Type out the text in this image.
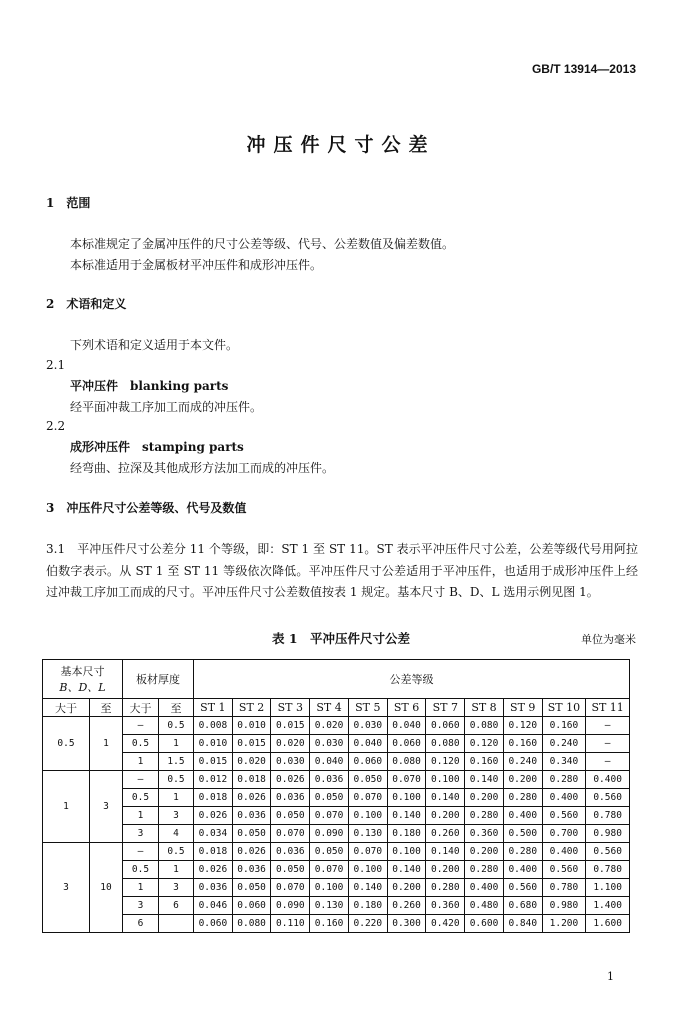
GB/T 13914—2013
冲压件尺寸公差
1  范围
本标准规定了金属冲压件的尺寸公差等级、代号、公差数值及偏差数值。
本标准适用于金属板材平冲压件和成形冲压件。
2  术语和定义
下列术语和定义适用于本文件。
2.1
平冲压件  blanking parts
经平面冲裁工序加工而成的冲压件。
2.2
成形冲压件  stamping parts
经弯曲、拉深及其他成形方法加工而成的冲压件。
3  冲压件尺寸公差等级、代号及数值
3.1　平冲压件尺寸公差分 11 个等级，即：ST 1 至 ST 11。ST 表示平冲压件尺寸公差，公差等级代号用阿拉伯数字表示。从 ST 1 至 ST 11 等级依次降低。平冲压件尺寸公差适用于平冲压件，也适用于成形冲压件上经过冲裁工序加工而成的尺寸。平冲压件尺寸公差数值按表 1 规定。基本尺寸 B、D、L 选用示例见图 1。
表 1　平冲压件尺寸公差	单位为毫米
基本尺寸
B、D、L		板材厚度		公差等级										
大于	至	大于	至	ST 1	ST 2	ST 3	ST 4	ST 5	ST 6	ST 7	ST 8	ST 9	ST 10	ST 11
0.5	1	—	0.5	0.008	0.010	0.015	0.020	0.030	0.040	0.060	0.080	0.120	0.160	—
		0.5	1	0.010	0.015	0.020	0.030	0.040	0.060	0.080	0.120	0.160	0.240	—
		1	1.5	0.015	0.020	0.030	0.040	0.060	0.080	0.120	0.160	0.240	0.340	—
1	3	—	0.5	0.012	0.018	0.026	0.036	0.050	0.070	0.100	0.140	0.200	0.280	0.400
		0.5	1	0.018	0.026	0.036	0.050	0.070	0.100	0.140	0.200	0.280	0.400	0.560
		1	3	0.026	0.036	0.050	0.070	0.100	0.140	0.200	0.280	0.400	0.560	0.780
		3	4	0.034	0.050	0.070	0.090	0.130	0.180	0.260	0.360	0.500	0.700	0.980
3	10	—	0.5	0.018	0.026	0.036	0.050	0.070	0.100	0.140	0.200	0.280	0.400	0.560
		0.5	1	0.026	0.036	0.050	0.070	0.100	0.140	0.200	0.280	0.400	0.560	0.780
		1	3	0.036	0.050	0.070	0.100	0.140	0.200	0.280	0.400	0.560	0.780	1.100
		3	6	0.046	0.060	0.090	0.130	0.180	0.260	0.360	0.480	0.680	0.980	1.400
		6		0.060	0.080	0.110	0.160	0.220	0.300	0.420	0.600	0.840	1.200	1.600
1
